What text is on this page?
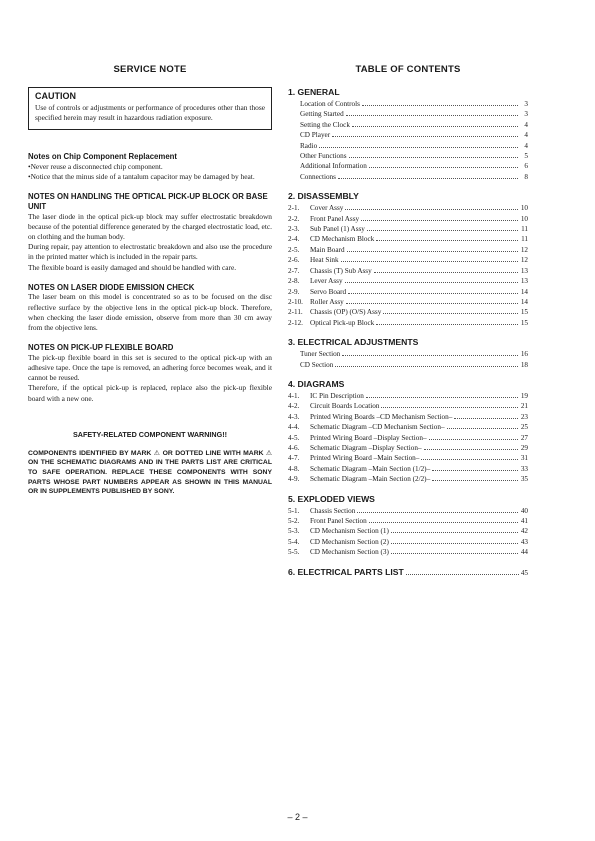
SERVICE NOTE
CAUTION
Use of controls or adjustments or performance of procedures other than those specified herein may result in hazardous radiation exposure.
Notes on Chip Component Replacement
•Never reuse a disconnected chip component.
•Notice that the minus side of a tantalum capacitor may be damaged by heat.
NOTES ON HANDLING THE OPTICAL PICK-UP BLOCK OR BASE UNIT
The laser diode in the optical pick-up block may suffer electrostatic breakdown because of the potential difference generated by the charged electrostatic load, etc. on clothing and the human body.
During repair, pay attention to electrostatic breakdown and also use the procedure in the printed matter which is included in the repair parts.
The flexible board is easily damaged and should be handled with care.
NOTES ON LASER DIODE EMISSION CHECK
The laser beam on this model is concentrated so as to be focused on the disc reflective surface by the objective lens in the optical pick-up block. Therefore, when checking the laser diode emission, observe from more than 30 cm away from the objective lens.
NOTES ON PICK-UP FLEXIBLE BOARD
The pick-up flexible board in this set is secured to the optical pick-up with an adhesive tape. Once the tape is removed, an adhering force becomes weak, and it cannot be reused.
Therefore, if the optical pick-up is replaced, replace also the pick-up flexible board with a new one.
SAFETY-RELATED COMPONENT WARNING!!
COMPONENTS IDENTIFIED BY MARK ⚠ OR DOTTED LINE WITH MARK ⚠ ON THE SCHEMATIC DIAGRAMS AND IN THE PARTS LIST ARE CRITICAL TO SAFE OPERATION. REPLACE THESE COMPONENTS WITH SONY PARTS WHOSE PART NUMBERS APPEAR AS SHOWN IN THIS MANUAL OR IN SUPPLEMENTS PUBLISHED BY SONY.
TABLE OF CONTENTS
1. GENERAL
Location of Controls	3
Getting Started	3
Setting the Clock	4
CD Player	4
Radio	4
Other Functions	5
Additional Information	6
Connections	8
2. DISASSEMBLY
2-1.	Cover Assy	10
2-2.	Front Panel Assy	10
2-3.	Sub Panel (1) Assy	11
2-4.	CD Mechanism Block	11
2-5.	Main Board	12
2-6.	Heat Sink	12
2-7.	Chassis (T) Sub Assy	13
2-8.	Lever Assy	13
2-9.	Servo Board	14
2-10. Roller Assy	14
2-11.	Chassis (OP) (O/S) Assy	15
2-12. Optical Pick-up Block	15
3. ELECTRICAL ADJUSTMENTS
Tuner Section	16
CD Section	18
4. DIAGRAMS
4-1.	IC Pin Description	19
4-2.	Circuit Boards Location	21
4-3.	Printed Wiring Boards –CD Mechanism Section–	23
4-4.	Schematic Diagram –CD Mechanism Section–	25
4-5.	Printed Wiring Board –Display Section–	27
4-6.	Schematic Diagram –Display Section–	29
4-7.	Printed Wiring Board –Main Section–	31
4-8.	Schematic Diagram –Main Section (1/2)–	33
4-9.	Schematic Diagram –Main Section (2/2)–	35
5. EXPLODED VIEWS
5-1.	Chassis Section	40
5-2.	Front Panel Section	41
5-3.	CD Mechanism Section (1)	42
5-4.	CD Mechanism Section (2)	43
5-5.	CD Mechanism Section (3)	44
6. ELECTRICAL PARTS LIST	45
– 2 –
